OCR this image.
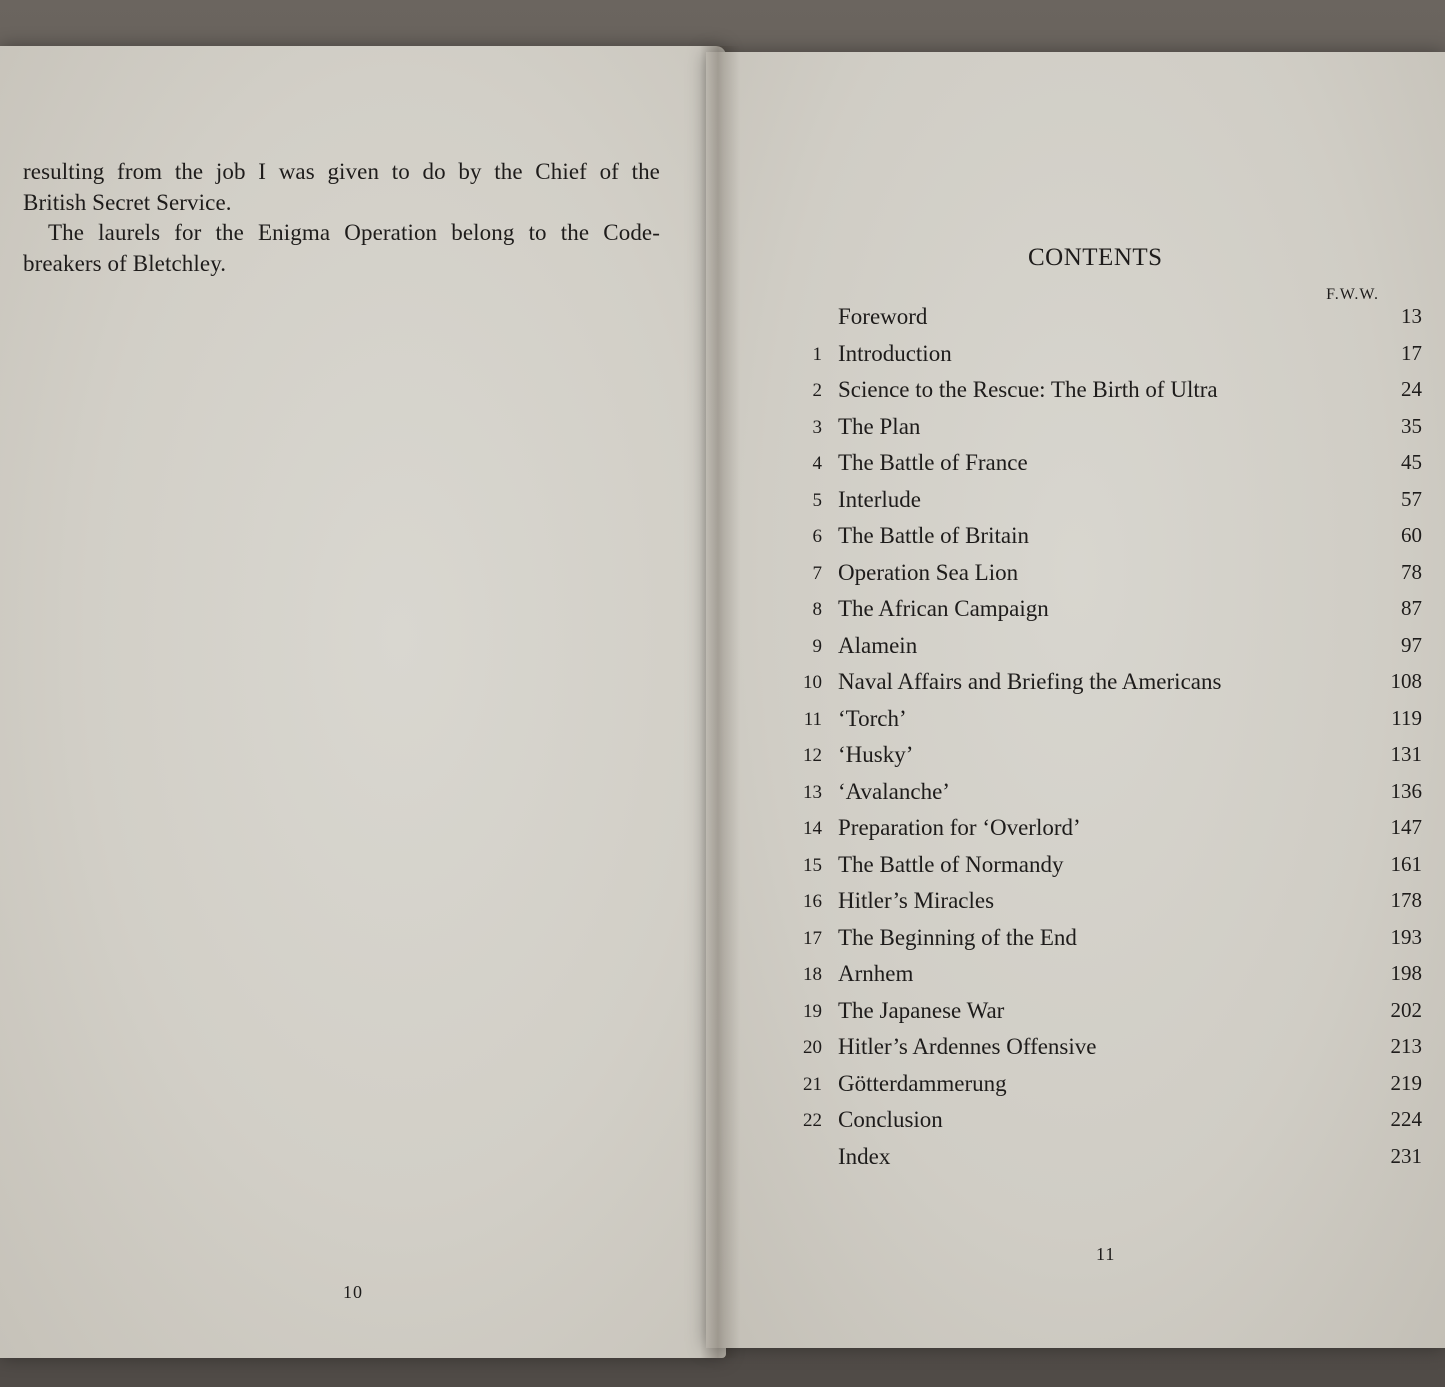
resulting from the job I was given to do by the Chief of the
British Secret Service.
The laurels for the Enigma Operation belong to the Code-
breakers of Bletchley.
F.W.W.
10
CONTENTS
Foreword	13
1 Introduction	17
2 Science to the Rescue: The Birth of Ultra	24
3 The Plan	35
4 The Battle of France	45
5 Interlude	57
6 The Battle of Britain	60
7 Operation Sea Lion	78
8 The African Campaign	87
9 Alamein	97
10 Naval Affairs and Briefing the Americans	108
11 ‘Torch’	119
12 ‘Husky’	131
13 ‘Avalanche’	136
14 Preparation for ‘Overlord’	147
15 The Battle of Normandy	161
16 Hitler’s Miracles	178
17 The Beginning of the End	193
18 Arnhem	198
19 The Japanese War	202
20 Hitler’s Ardennes Offensive	213
21 Götterdammerung	219
22 Conclusion	224
Index	231
11
